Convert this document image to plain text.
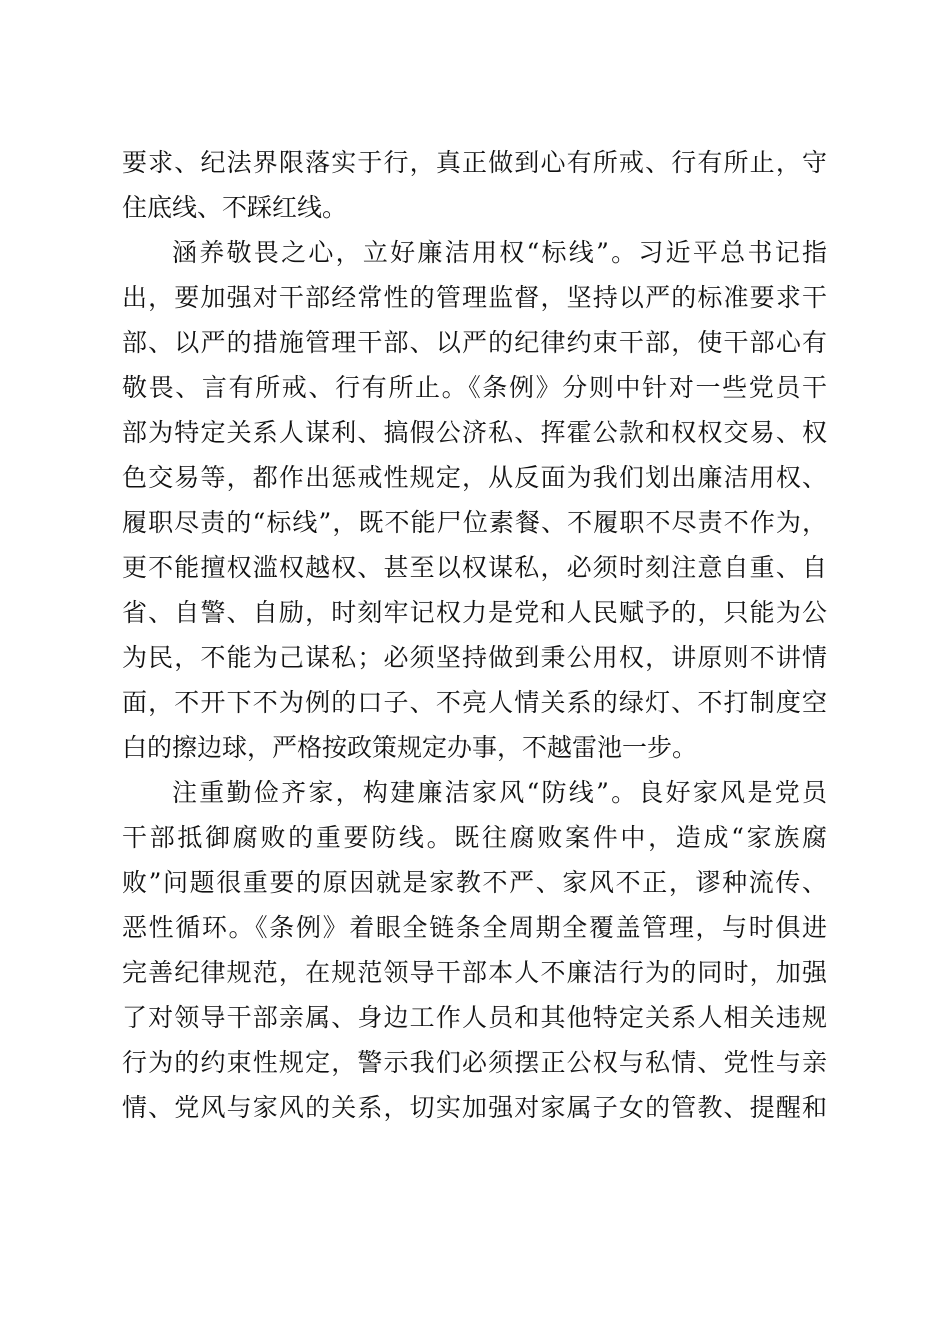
要求、纪法界限落实于行，真正做到心有所戒、行有所止，守
住底线、不踩红线。
涵养敬畏之心，立好廉洁用权“标线”。习近平总书记指
出，要加强对干部经常性的管理监督，坚持以严的标准要求干
部、以严的措施管理干部、以严的纪律约束干部，使干部心有
敬畏、言有所戒、行有所止。《条例》分则中针对一些党员干
部为特定关系人谋利、搞假公济私、挥霍公款和权权交易、权
色交易等，都作出惩戒性规定，从反面为我们划出廉洁用权、
履职尽责的“标线”，既不能尸位素餐、不履职不尽责不作为，
更不能擅权滥权越权、甚至以权谋私，必须时刻注意自重、自
省、自警、自励，时刻牢记权力是党和人民赋予的，只能为公
为民，不能为己谋私；必须坚持做到秉公用权，讲原则不讲情
面，不开下不为例的口子、不亮人情关系的绿灯、不打制度空
白的擦边球，严格按政策规定办事，不越雷池一步。
注重勤俭齐家，构建廉洁家风“防线”。良好家风是党员
干部抵御腐败的重要防线。既往腐败案件中，造成“家族腐
败”问题很重要的原因就是家教不严、家风不正，谬种流传、
恶性循环。《条例》着眼全链条全周期全覆盖管理，与时俱进
完善纪律规范，在规范领导干部本人不廉洁行为的同时，加强
了对领导干部亲属、身边工作人员和其他特定关系人相关违规
行为的约束性规定，警示我们必须摆正公权与私情、党性与亲
情、党风与家风的关系，切实加强对家属子女的管教、提醒和
